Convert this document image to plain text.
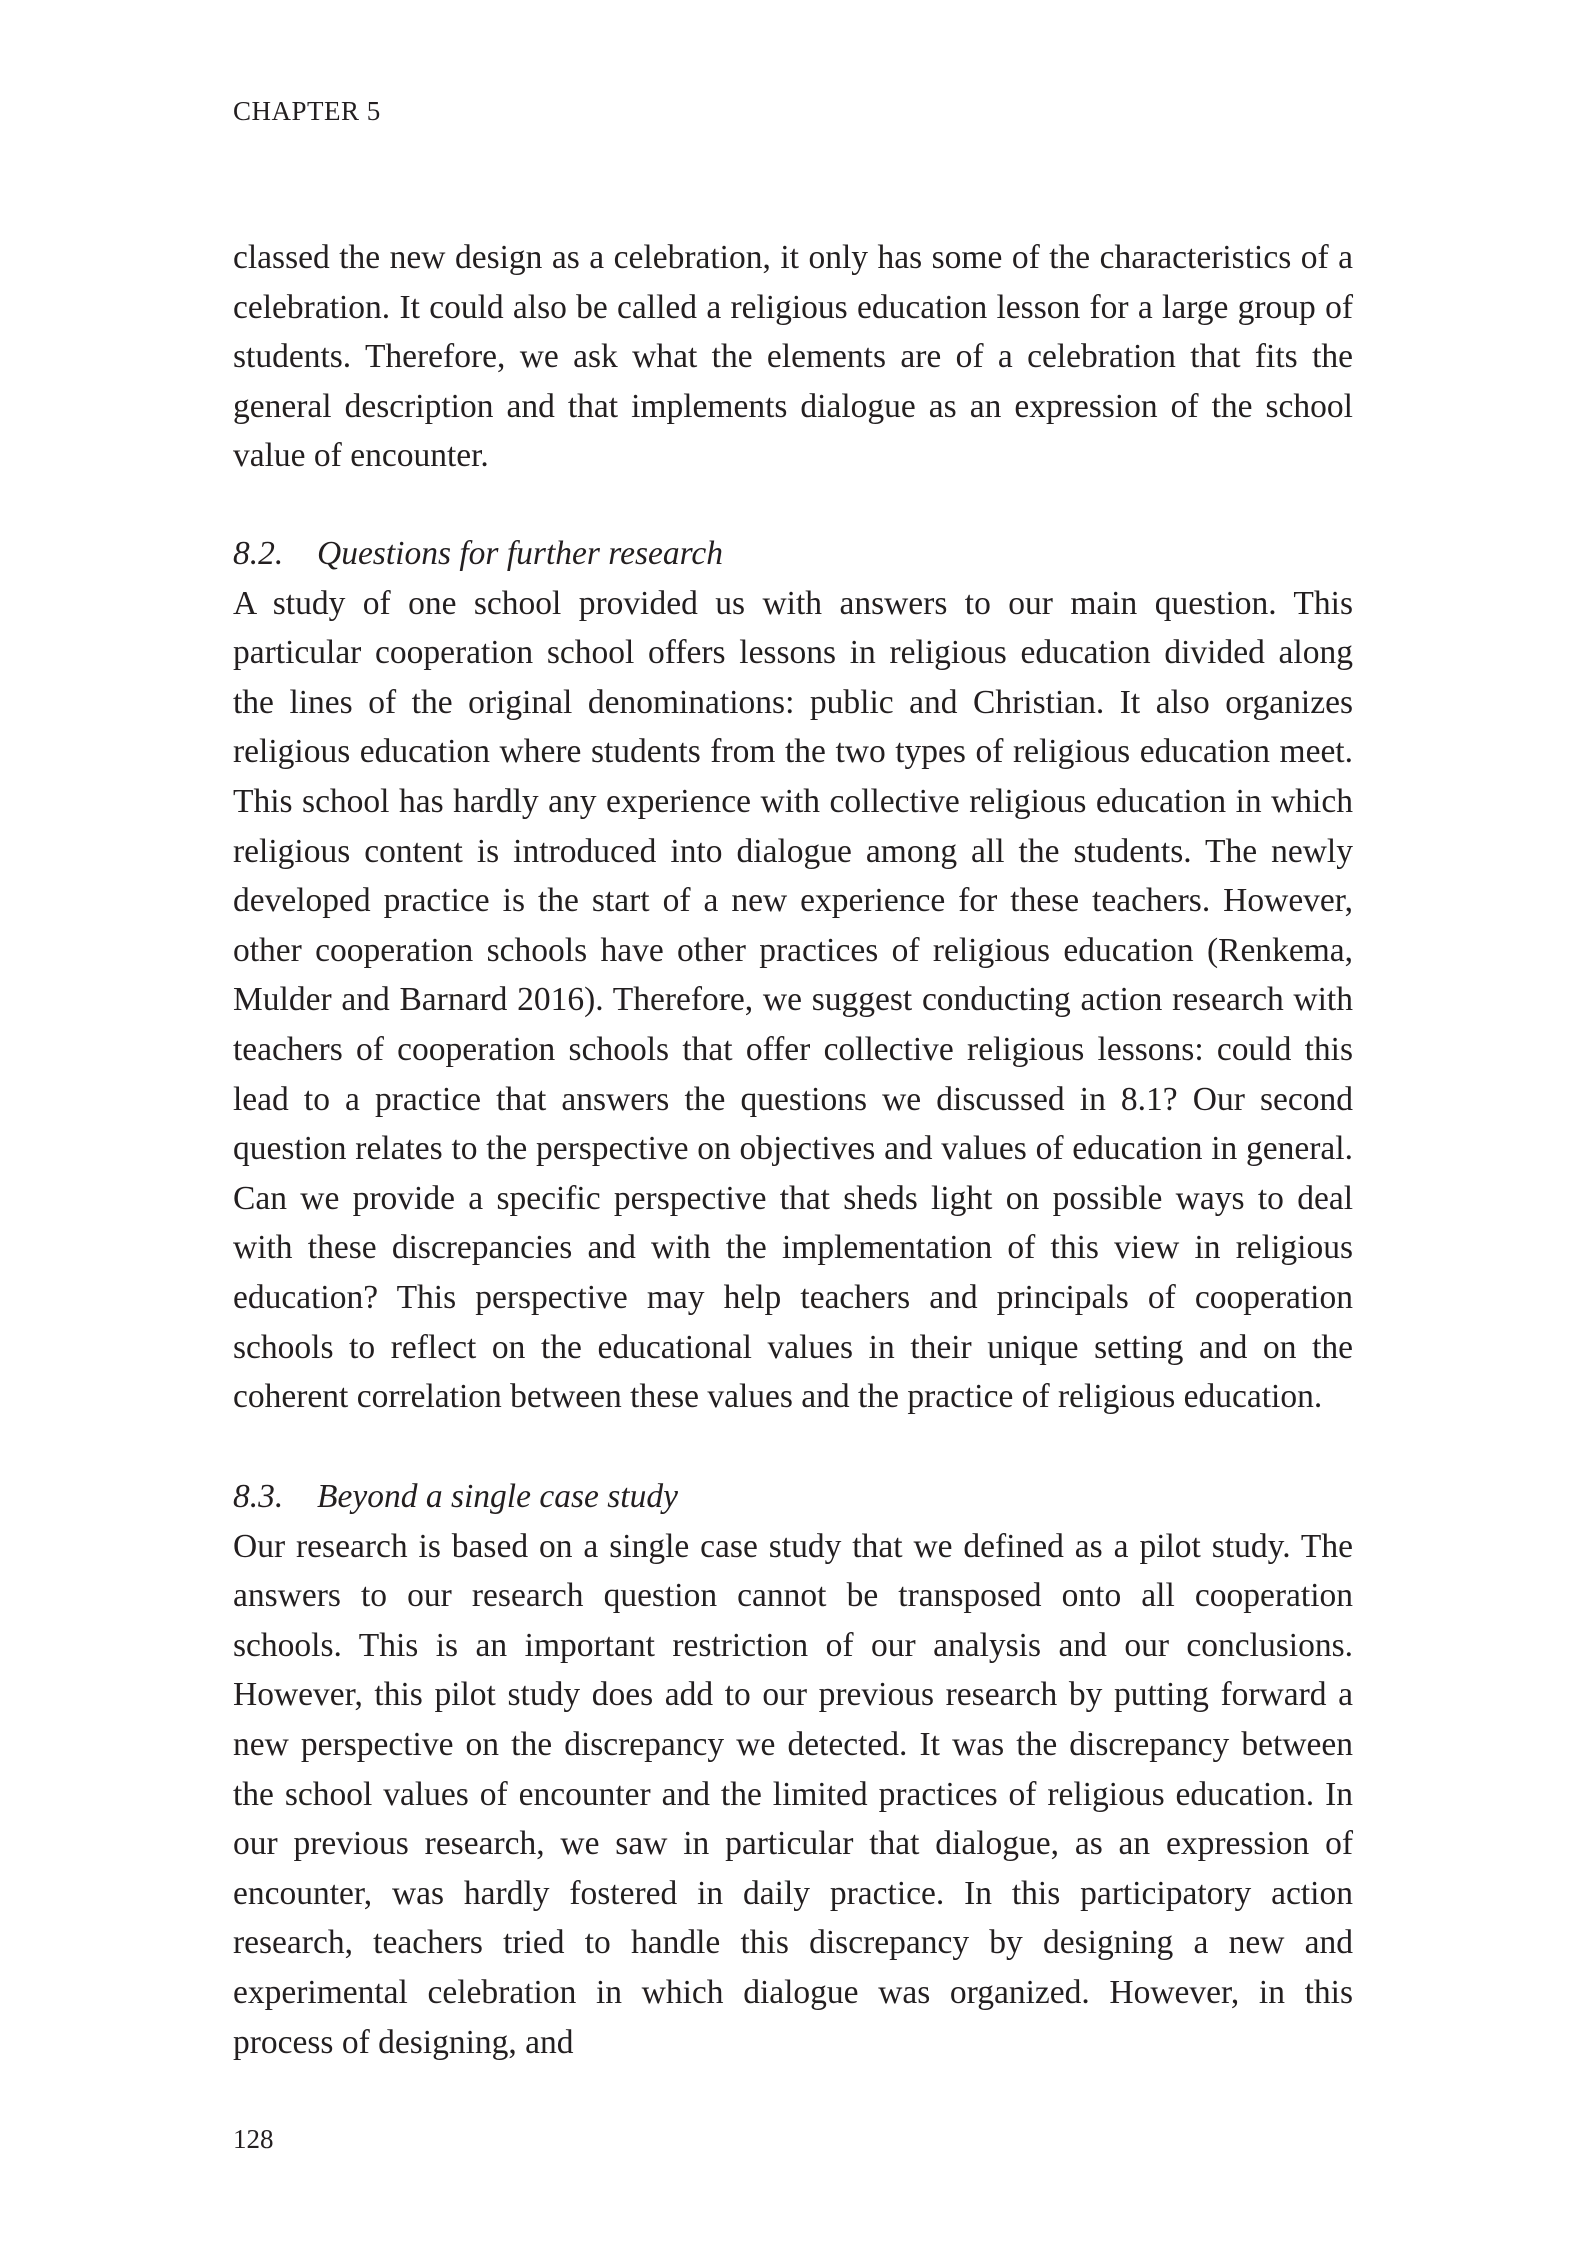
CHAPTER 5

classed the new design as a celebration, it only has some of the characteristics of a celebration. It could also be called a religious education lesson for a large group of students. Therefore, we ask what the elements are of a celebration that fits the general description and that implements dialogue as an expression of the school value of encounter.

8.2. Questions for further research

A study of one school provided us with answers to our main question. This particular cooperation school offers lessons in religious education divided along the lines of the original denominations: public and Christian. It also organizes religious education where students from the two types of religious education meet. This school has hardly any experience with collective religious education in which religious content is introduced into dialogue among all the students. The newly developed practice is the start of a new experience for these teachers. However, other cooperation schools have other practices of religious education (Renkema, Mulder and Barnard 2016). Therefore, we suggest conducting action research with teachers of cooperation schools that offer collective religious lessons: could this lead to a practice that answers the questions we discussed in 8.1? Our second question relates to the perspective on objectives and values of education in general. Can we provide a specific perspective that sheds light on possible ways to deal with these discrepancies and with the implementation of this view in religious education? This perspective may help teachers and principals of cooperation schools to reflect on the educational values in their unique setting and on the coherent correlation between these values and the practice of religious education.

8.3. Beyond a single case study

Our research is based on a single case study that we defined as a pilot study. The answers to our research question cannot be transposed onto all cooperation schools. This is an important restriction of our analysis and our conclusions. However, this pilot study does add to our previous research by putting forward a new perspective on the discrepancy we detected. It was the discrepancy between the school values of encounter and the limited practices of religious education. In our previous research, we saw in particular that dialogue, as an expression of encounter, was hardly fostered in daily practice. In this participatory action research, teachers tried to handle this discrepancy by designing a new and experimental celebration in which dialogue was organized. However, in this process of designing, and

128
